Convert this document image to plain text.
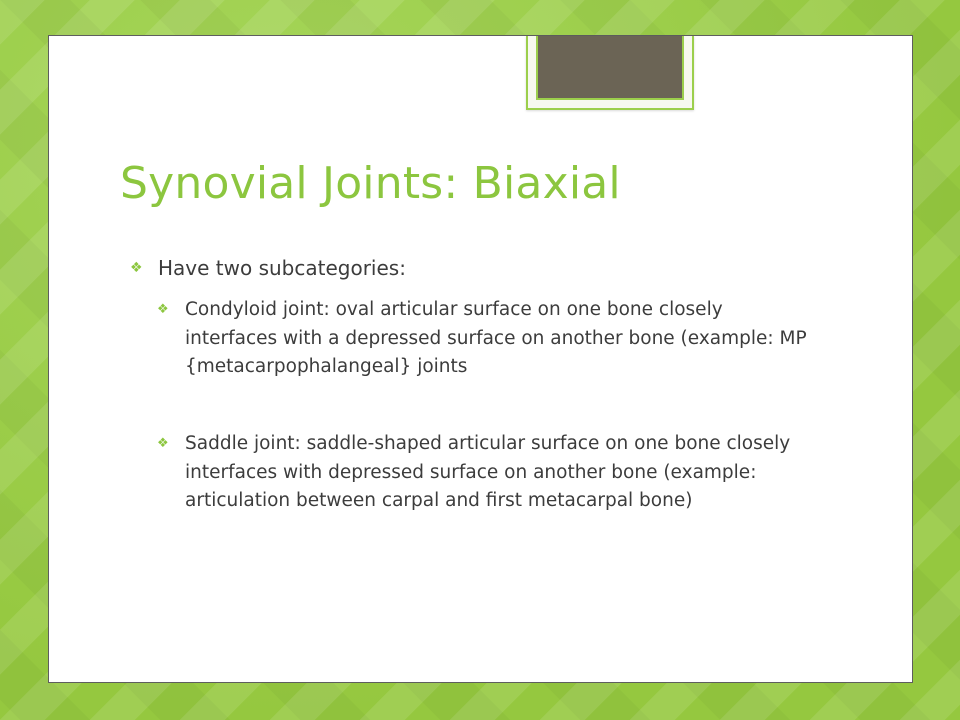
Synovial Joints: Biaxial
❖ Have two subcategories:
❖ Condyloid joint: oval articular surface on one bone closely interfaces with a depressed surface on another bone (example: MP {metacarpophalangeal} joints
❖ Saddle joint: saddle-shaped articular surface on one bone closely interfaces with depressed surface on another bone (example: articulation between carpal and first metacarpal bone)
